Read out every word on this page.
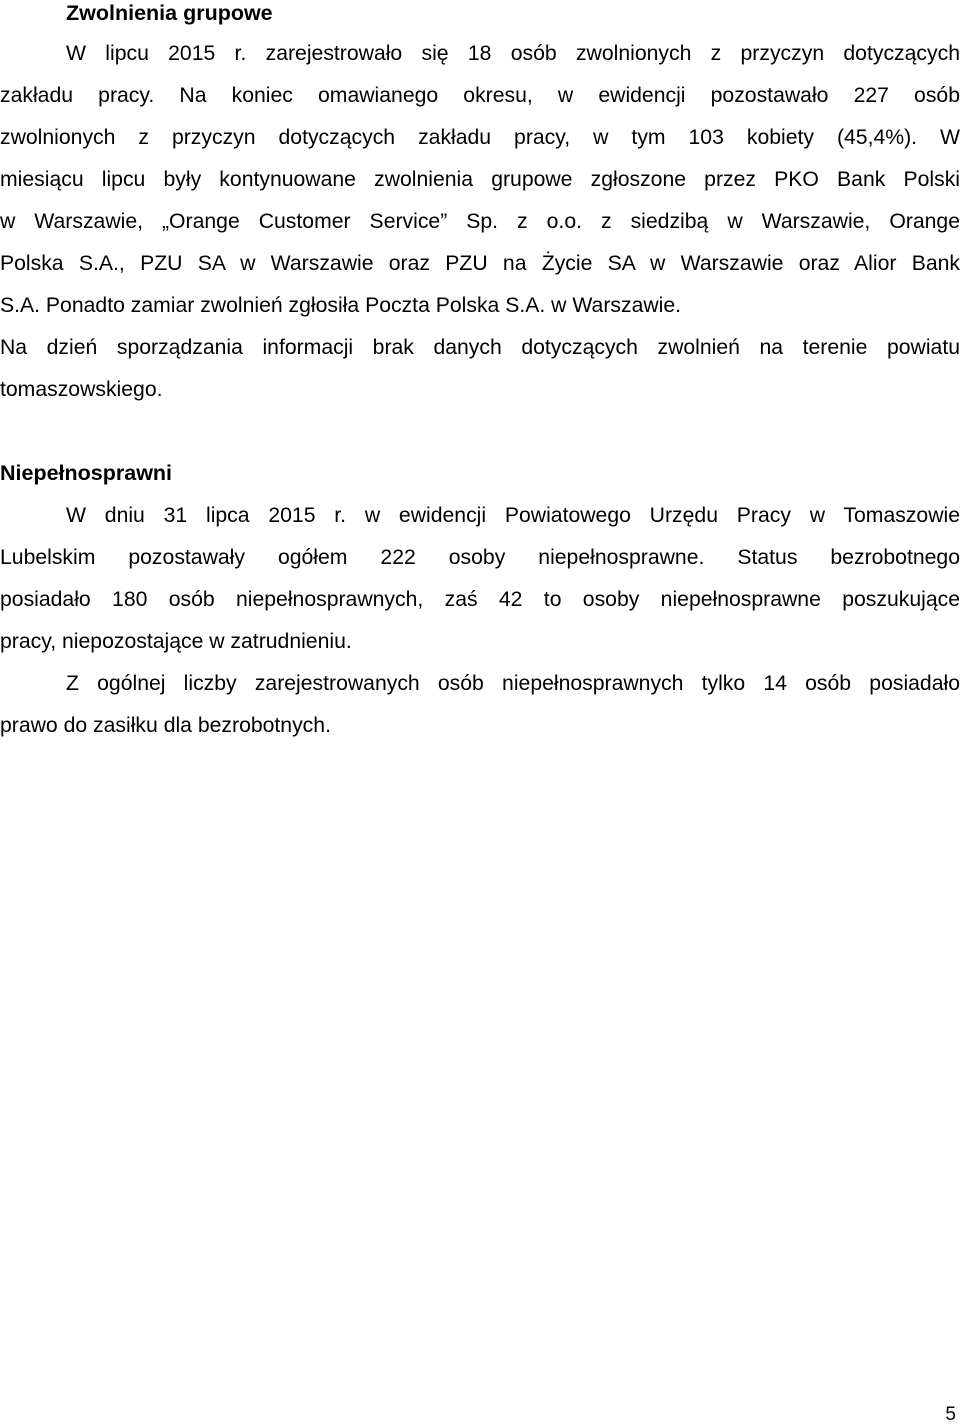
Zwolnienia grupowe
W lipcu 2015 r. zarejestrowało się 18 osób zwolnionych z przyczyn dotyczących
zakładu pracy. Na koniec omawianego okresu, w ewidencji pozostawało 227 osób
zwolnionych z przyczyn dotyczących zakładu pracy, w tym 103 kobiety (45,4%). W
miesiącu lipcu były kontynuowane zwolnienia grupowe zgłoszone przez PKO Bank Polski
w Warszawie, „Orange Customer Service” Sp. z o.o. z siedzibą w Warszawie, Orange
Polska S.A., PZU SA w Warszawie oraz PZU na Życie SA w Warszawie oraz Alior Bank
S.A. Ponadto zamiar zwolnień zgłosiła Poczta Polska S.A. w Warszawie.
Na dzień sporządzania informacji brak danych dotyczących zwolnień na terenie powiatu
tomaszowskiego.
Niepełnosprawni
W dniu 31 lipca 2015 r. w ewidencji Powiatowego Urzędu Pracy w Tomaszowie
Lubelskim pozostawały ogółem 222 osoby niepełnosprawne. Status bezrobotnego
posiadało 180 osób niepełnosprawnych, zaś 42 to osoby niepełnosprawne poszukujące
pracy, niepozostające w zatrudnieniu.
Z ogólnej liczby zarejestrowanych osób niepełnosprawnych tylko 14 osób posiadało
prawo do zasiłku dla bezrobotnych.
5
